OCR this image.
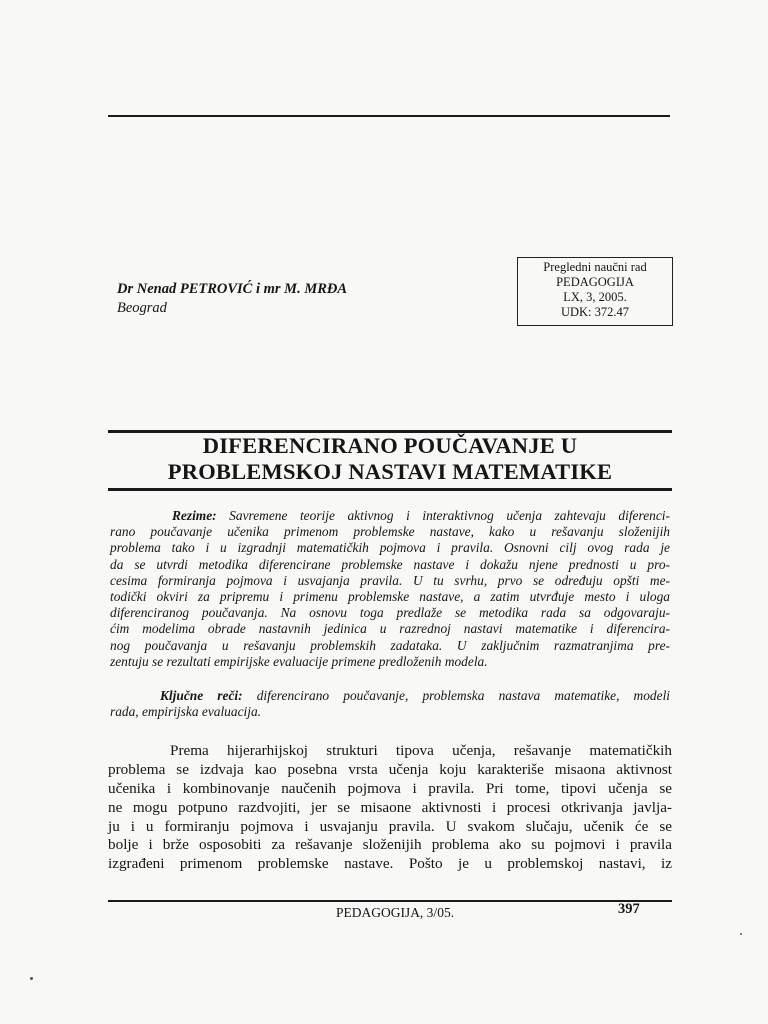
Pregledni naučni rad
PEDAGOGIJA
LX, 3, 2005.
UDK: 372.47
Dr Nenad PETROVIĆ i mr M. MRĐA
Beograd
DIFERENCIRANO POUČAVANJE U
PROBLEMSKOJ NASTAVI MATEMATIKE
Rezime: Savremene teorije aktivnog i interaktivnog učenja zahtevaju diferenci-
rano poučavanje učenika primenom problemske nastave, kako u rešavanju složenijih
problema tako i u izgradnji matematičkih pojmova i pravila. Osnovni cilj ovog rada je
da se utvrdi metodika diferencirane problemske nastave i dokažu njene prednosti u pro-
cesima formiranja pojmova i usvajanja pravila. U tu svrhu, prvo se određuju opšti me-
todički okviri za pripremu i primenu problemske nastave, a zatim utvrđuje mesto i uloga
diferenciranog poučavanja. Na osnovu toga predlaže se metodika rada sa odgovaraju-
ćim modelima obrade nastavnih jedinica u razrednoj nastavi matematike i diferencira-
nog poučavanja u rešavanju problemskih zadataka. U zaključnim razmatranjima pre-
zentuju se rezultati empirijske evaluacije primene predloženih modela.
Ključne reči: diferencirano poučavanje, problemska nastava matematike, modeli
rada, empirijska evaluacija.
Prema hijerarhijskoj strukturi tipova učenja, rešavanje matematičkih
problema se izdvaja kao posebna vrsta učenja koju karakteriše misaona aktivnost
učenika i kombinovanje naučenih pojmova i pravila. Pri tome, tipovi učenja se
ne mogu potpuno razdvojiti, jer se misaone aktivnosti i procesi otkrivanja javlja-
ju i u formiranju pojmova i usvajanju pravila. U svakom slučaju, učenik će se
bolje i brže osposobiti za rešavanje složenijih problema ako su pojmovi i pravila
izgrađeni primenom problemske nastave. Pošto je u problemskoj nastavi, iz
PEDAGOGIJA, 3/05.	397
